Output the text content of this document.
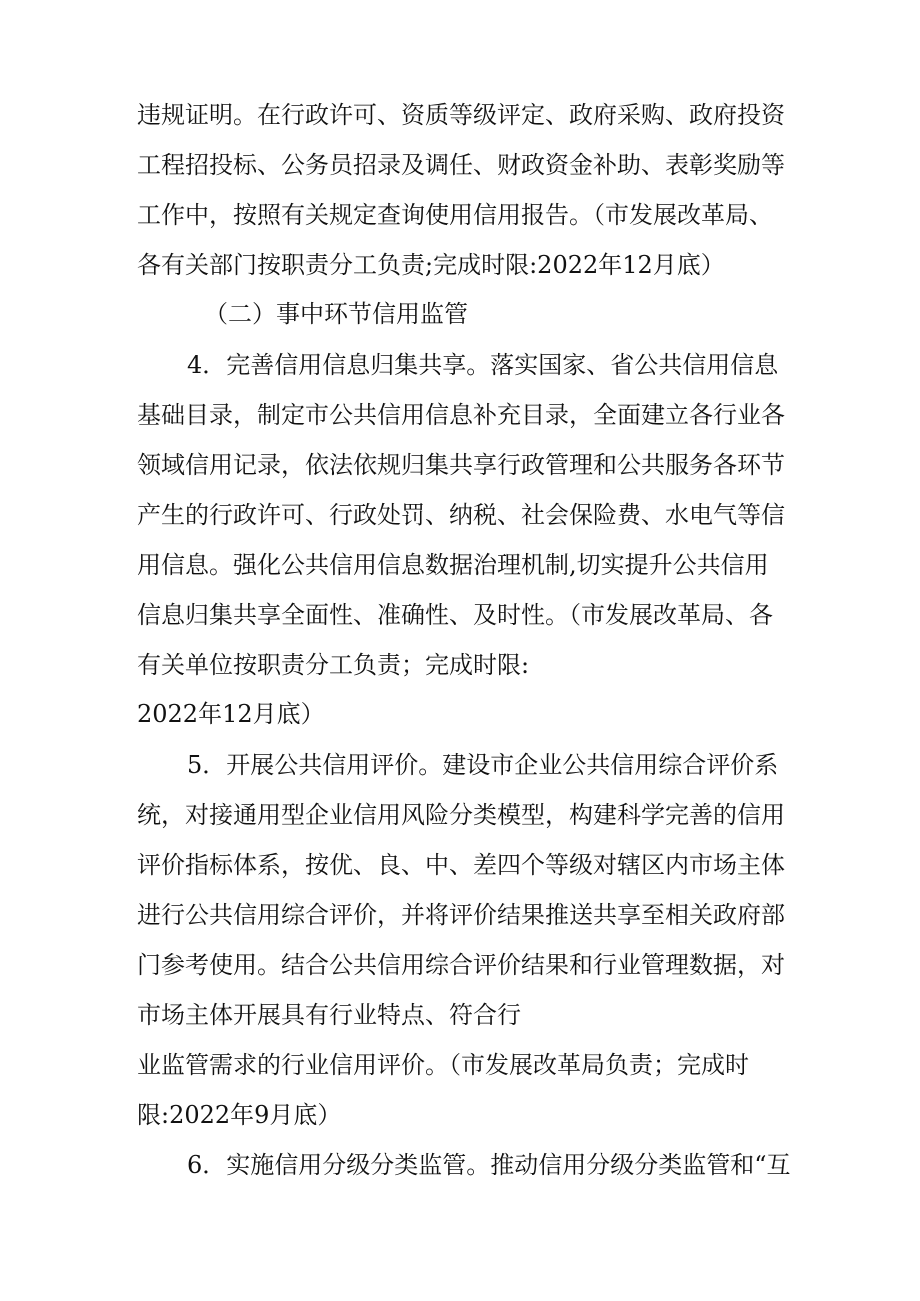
违规证明。在行政许可、资质等级评定、政府采购、政府投资
工程招投标、公务员招录及调任、财政资金补助、表彰奖励等
工作中，按照有关规定查询使用信用报告。（市发展改革局、
各有关部门按职责分工负责;完成时限:2022年12月底）
（二）事中环节信用监管
4．完善信用信息归集共享。落实国家、省公共信用信息
基础目录，制定市公共信用信息补充目录，全面建立各行业各
领域信用记录，依法依规归集共享行政管理和公共服务各环节
产生的行政许可、行政处罚、纳税、社会保险费、水电气等信
用信息。强化公共信用信息数据治理机制,切实提升公共信用
信息归集共享全面性、准确性、及时性。（市发展改革局、各
有关单位按职责分工负责；完成时限:
2022年12月底）
5．开展公共信用评价。建设市企业公共信用综合评价系
统，对接通用型企业信用风险分类模型，构建科学完善的信用
评价指标体系，按优、良、中、差四个等级对辖区内市场主体
进行公共信用综合评价，并将评价结果推送共享至相关政府部
门参考使用。结合公共信用综合评价结果和行业管理数据，对
市场主体开展具有行业特点、符合行
业监管需求的行业信用评价。（市发展改革局负责；完成时
限:2022年9月底）
6．实施信用分级分类监管。推动信用分级分类监管和“互
